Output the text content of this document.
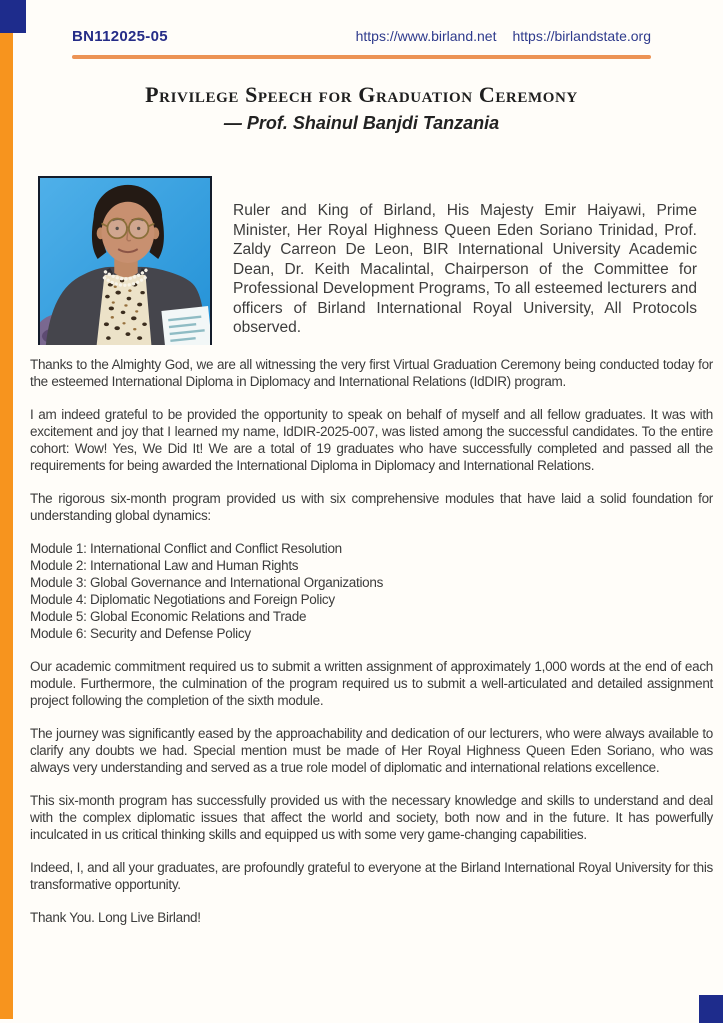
BN112025-05	https://www.birland.net https://birlandstate.org
Privilege Speech for Graduation Ceremony
— Prof. Shainul Banjdi Tanzania

Ruler and King of Birland, His Majesty Emir Haiyawi, Prime Minister, Her Royal Highness Queen Eden Soriano Trinidad, Prof. Zaldy Carreon De Leon, BIR International University Academic Dean, Dr. Keith Macalintal, Chairperson of the Committee for Professional Development Programs, To all esteemed lecturers and officers of Birland International Royal University, All Protocols observed.

Thanks to the Almighty God, we are all witnessing the very first Virtual Graduation Ceremony being conducted today for the esteemed International Diploma in Diplomacy and International Relations (IdDIR) program.

I am indeed grateful to be provided the opportunity to speak on behalf of myself and all fellow graduates. It was with excitement and joy that I learned my name, IdDIR-2025-007, was listed among the successful candidates. To the entire cohort: Wow! Yes, We Did It! We are a total of 19 graduates who have successfully completed and passed all the requirements for being awarded the International Diploma in Diplomacy and International Relations.

The rigorous six-month program provided us with six comprehensive modules that have laid a solid foundation for understanding global dynamics:

Module 1: International Conflict and Conflict Resolution
Module 2: International Law and Human Rights
Module 3: Global Governance and International Organizations
Module 4: Diplomatic Negotiations and Foreign Policy
Module 5: Global Economic Relations and Trade
Module 6: Security and Defense Policy

Our academic commitment required us to submit a written assignment of approximately 1,000 words at the end of each module. Furthermore, the culmination of the program required us to submit a well-articulated and detailed assignment project following the completion of the sixth module.

The journey was significantly eased by the approachability and dedication of our lecturers, who were always available to clarify any doubts we had. Special mention must be made of Her Royal Highness Queen Eden Soriano, who was always very understanding and served as a true role model of diplomatic and international relations excellence.

This six-month program has successfully provided us with the necessary knowledge and skills to understand and deal with the complex diplomatic issues that affect the world and society, both now and in the future. It has powerfully inculcated in us critical thinking skills and equipped us with some very game-changing capabilities.

Indeed, I, and all your graduates, are profoundly grateful to everyone at the Birland International Royal University for this transformative opportunity.

Thank You. Long Live Birland!
